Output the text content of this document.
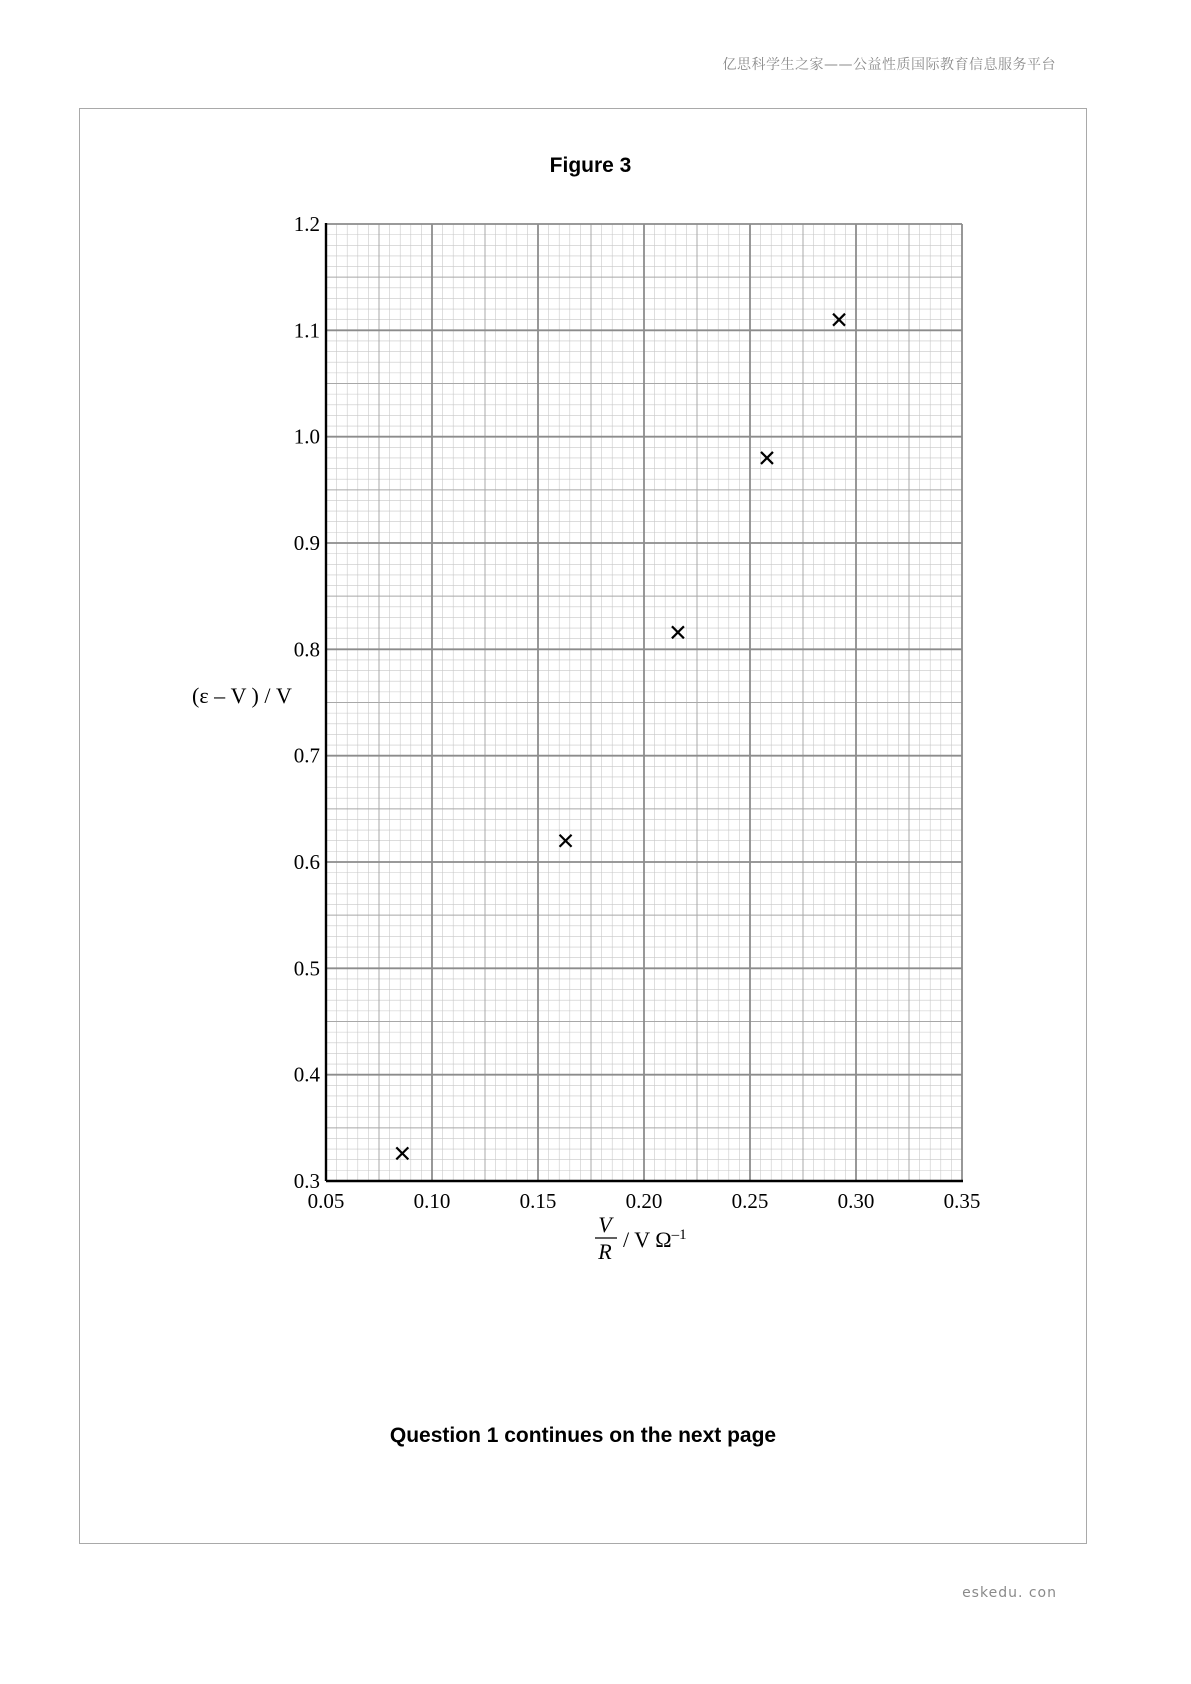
亿思科学生之家——公益性质国际教育信息服务平台
Figure 3
0.05	0.10	0.15	0.20	0.25	0.30	0.35
0.3
0.4
0.5
0.6
0.7
0.8
0.9
1.0
1.1
1.2
(ε – V ) / V
V
R / V $\Omega^{-1}$
Question 1 continues on the next page
eskedu. con
